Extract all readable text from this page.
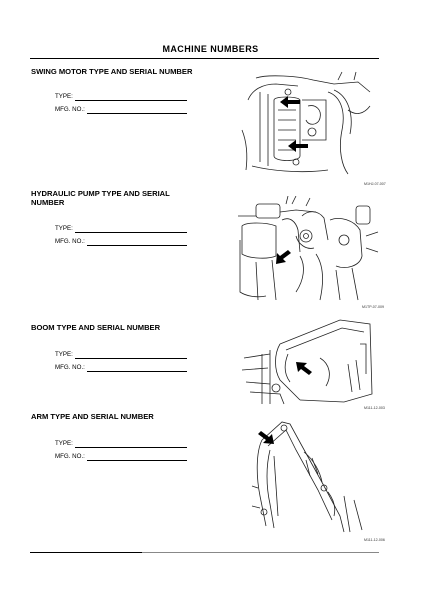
MACHINE NUMBERS
SWING MOTOR TYPE AND SERIAL NUMBER
TYPE:
MFG. NO.:
M1HJ-07-007
HYDRAULIC PUMP TYPE AND SERIAL NUMBER
TYPE:
MFG. NO.:
M1TP-07-009
BOOM TYPE AND SERIAL NUMBER
TYPE:
MFG. NO.:
M111-12-003
ARM TYPE AND SERIAL NUMBER
TYPE:
MFG. NO.:
M111-12-006
